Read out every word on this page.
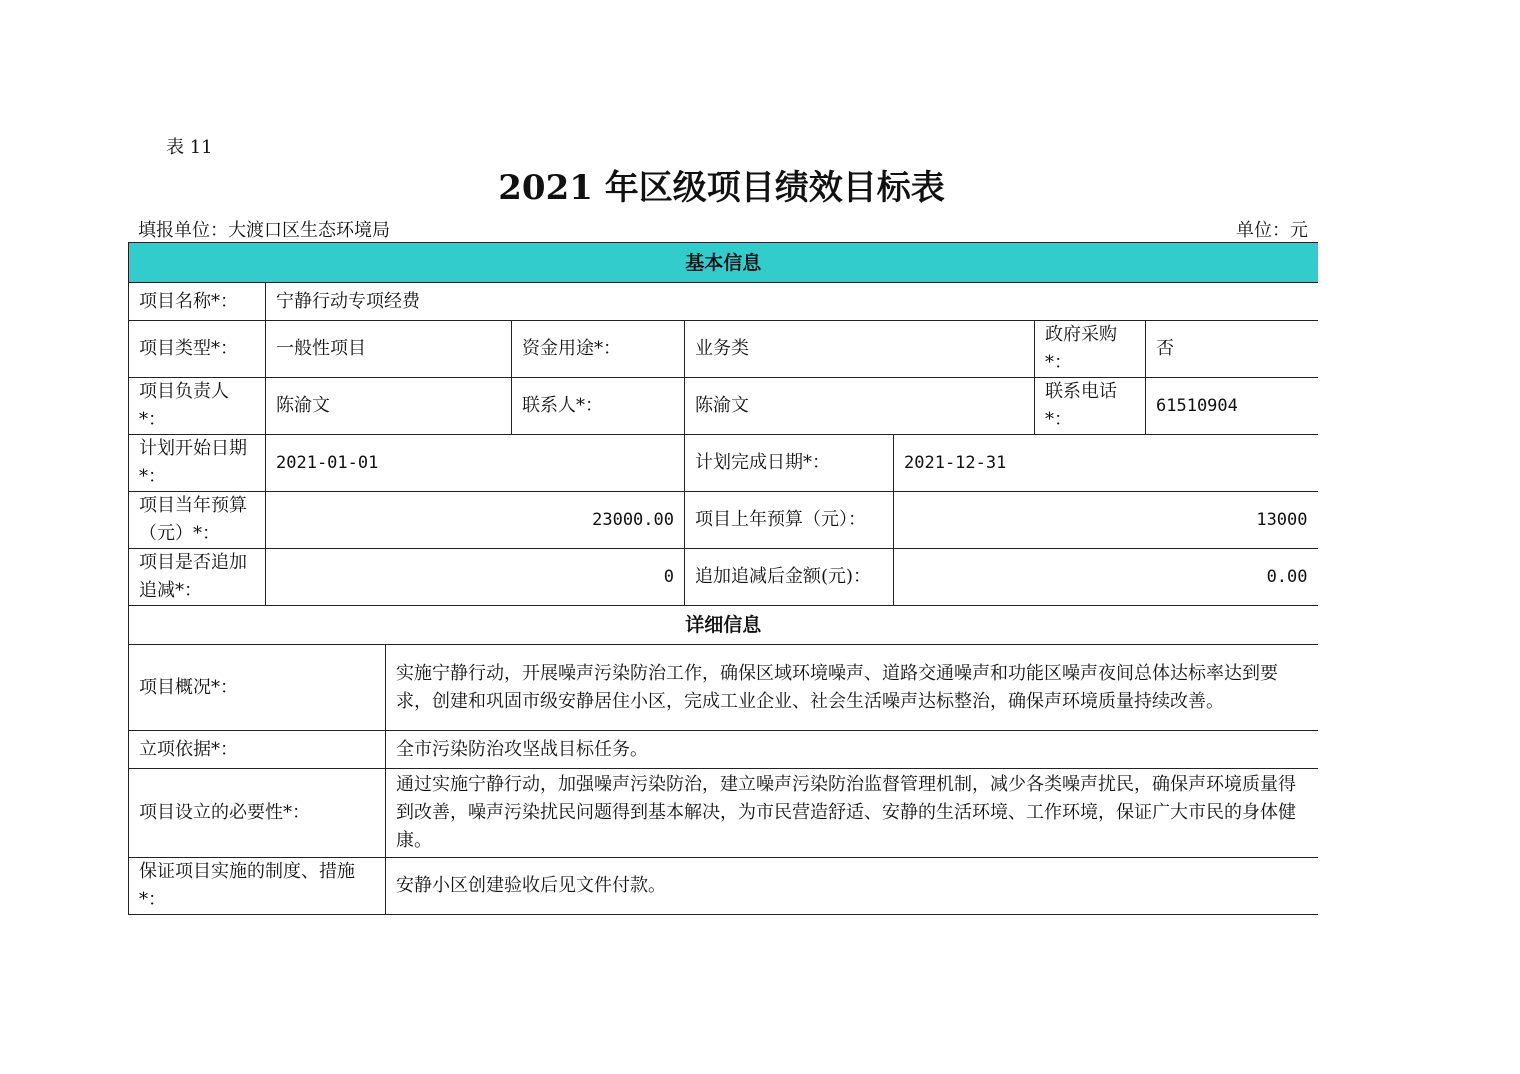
表 11
2021 年区级项目绩效目标表
填报单位：大渡口区生态环境局	单位：元
基本信息							
项目名称*：	宁静行动专项经费						
项目类型*：	一般性项目		资金用途*：	业务类		政府采购*：	否
项目负责人*：	陈渝文		联系人*：	陈渝文		联系电话*：	61510904
计划开始日期*：	2021-01-01			计划完成日期*：	2021-12-31		
项目当年预算（元）*：	23000.00			项目上年预算（元）：	13000		
项目是否追加追减*：	0			追加追减后金额(元)：	0.00		
详细信息							
项目概况*：		实施宁静行动，开展噪声污染防治工作，确保区域环境噪声、道路交通噪声和功能区噪声夜间总体达标率达到要求，创建和巩固市级安静居住小区，完成工业企业、社会生活噪声达标整治，确保声环境质量持续改善。					
立项依据*：		全市污染防治攻坚战目标任务。					
项目设立的必要性*：		通过实施宁静行动，加强噪声污染防治，建立噪声污染防治监督管理机制，减少各类噪声扰民，确保声环境质量得到改善，噪声污染扰民问题得到基本解决，为市民营造舒适、安静的生活环境、工作环境，保证广大市民的身体健康。					
保证项目实施的制度、措施*：		安静小区创建验收后见文件付款。					
